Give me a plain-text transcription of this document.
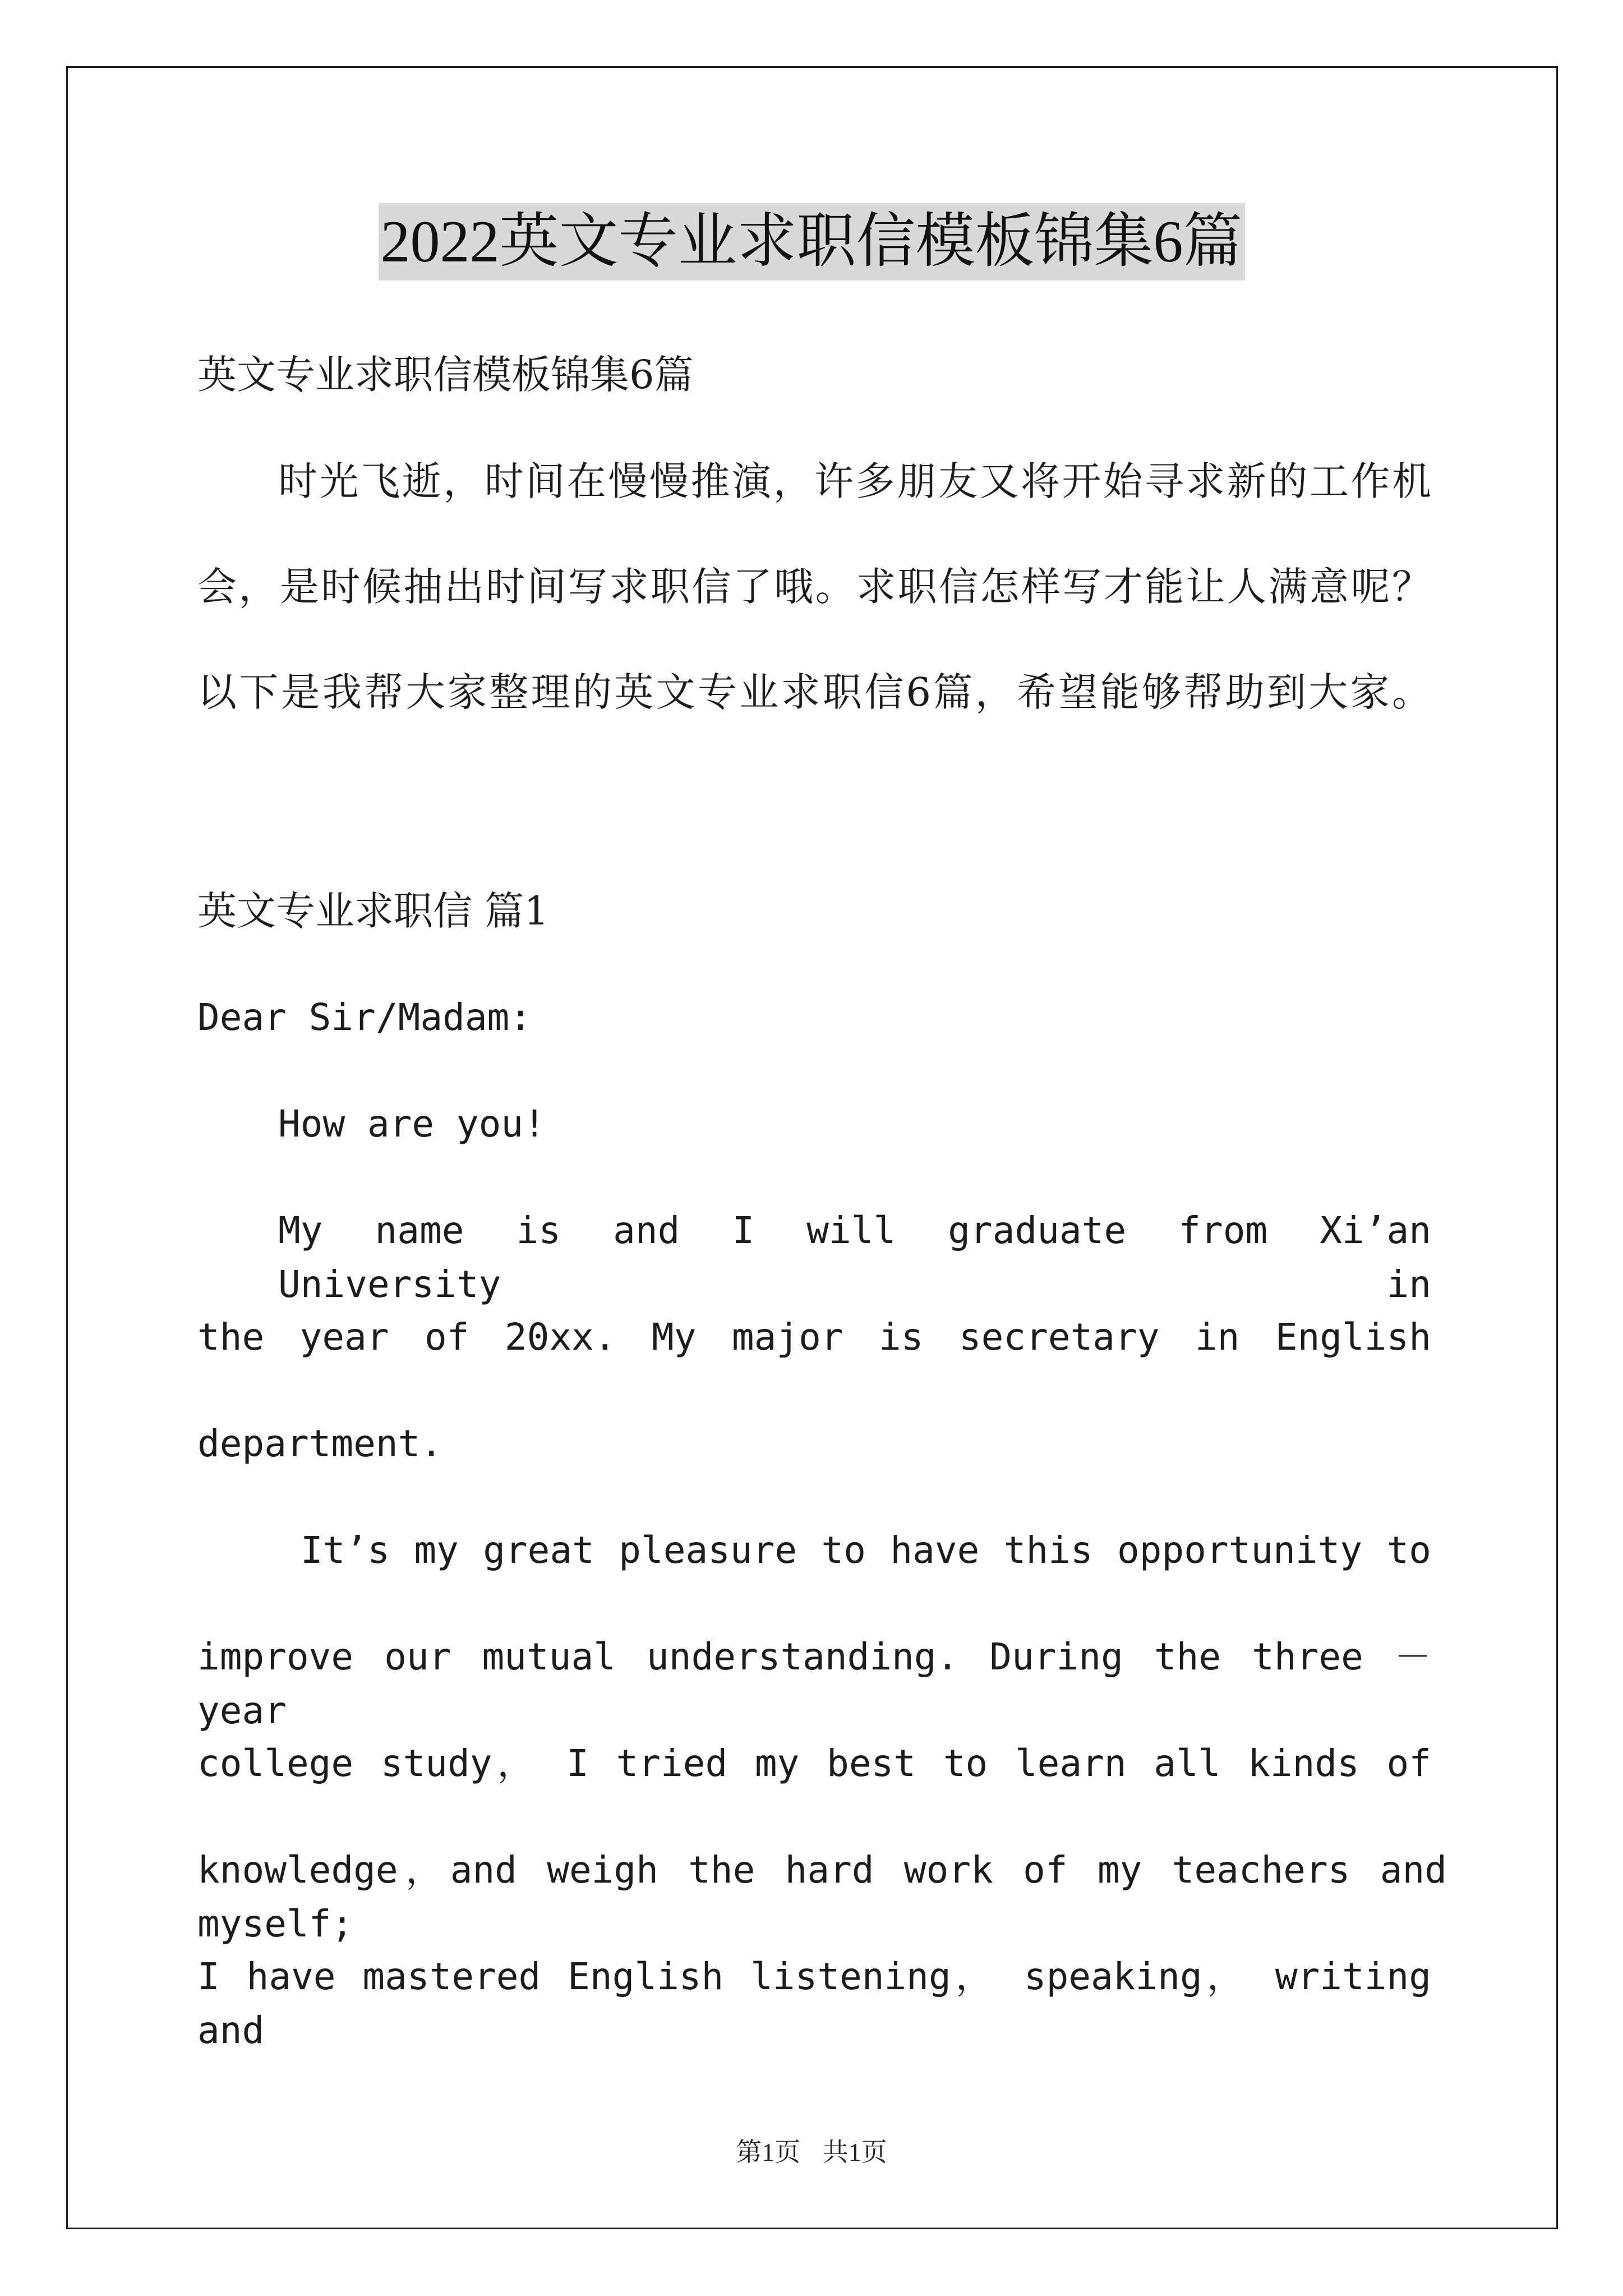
2022英文专业求职信模板锦集6篇
英文专业求职信模板锦集6篇
时光飞逝，时间在慢慢推演，许多朋友又将开始寻求新的工作机
会，是时候抽出时间写求职信了哦。求职信怎样写才能让人满意呢？
以下是我帮大家整理的英文专业求职信6篇，希望能够帮助到大家。
英文专业求职信 篇1
Dear Sir/Madam:
How are you!
My name is and I will graduate from Xi’an University in
the year of 20xx. My major is secretary in English
department.
It’s my great pleasure to have this opportunity to
improve our mutual understanding. During the three －year
college study， I tried my best to learn all kinds of
knowledge，and weigh the hard work of my teachers and myself;
I have mastered English listening， speaking， writing and
第1页 共1页
